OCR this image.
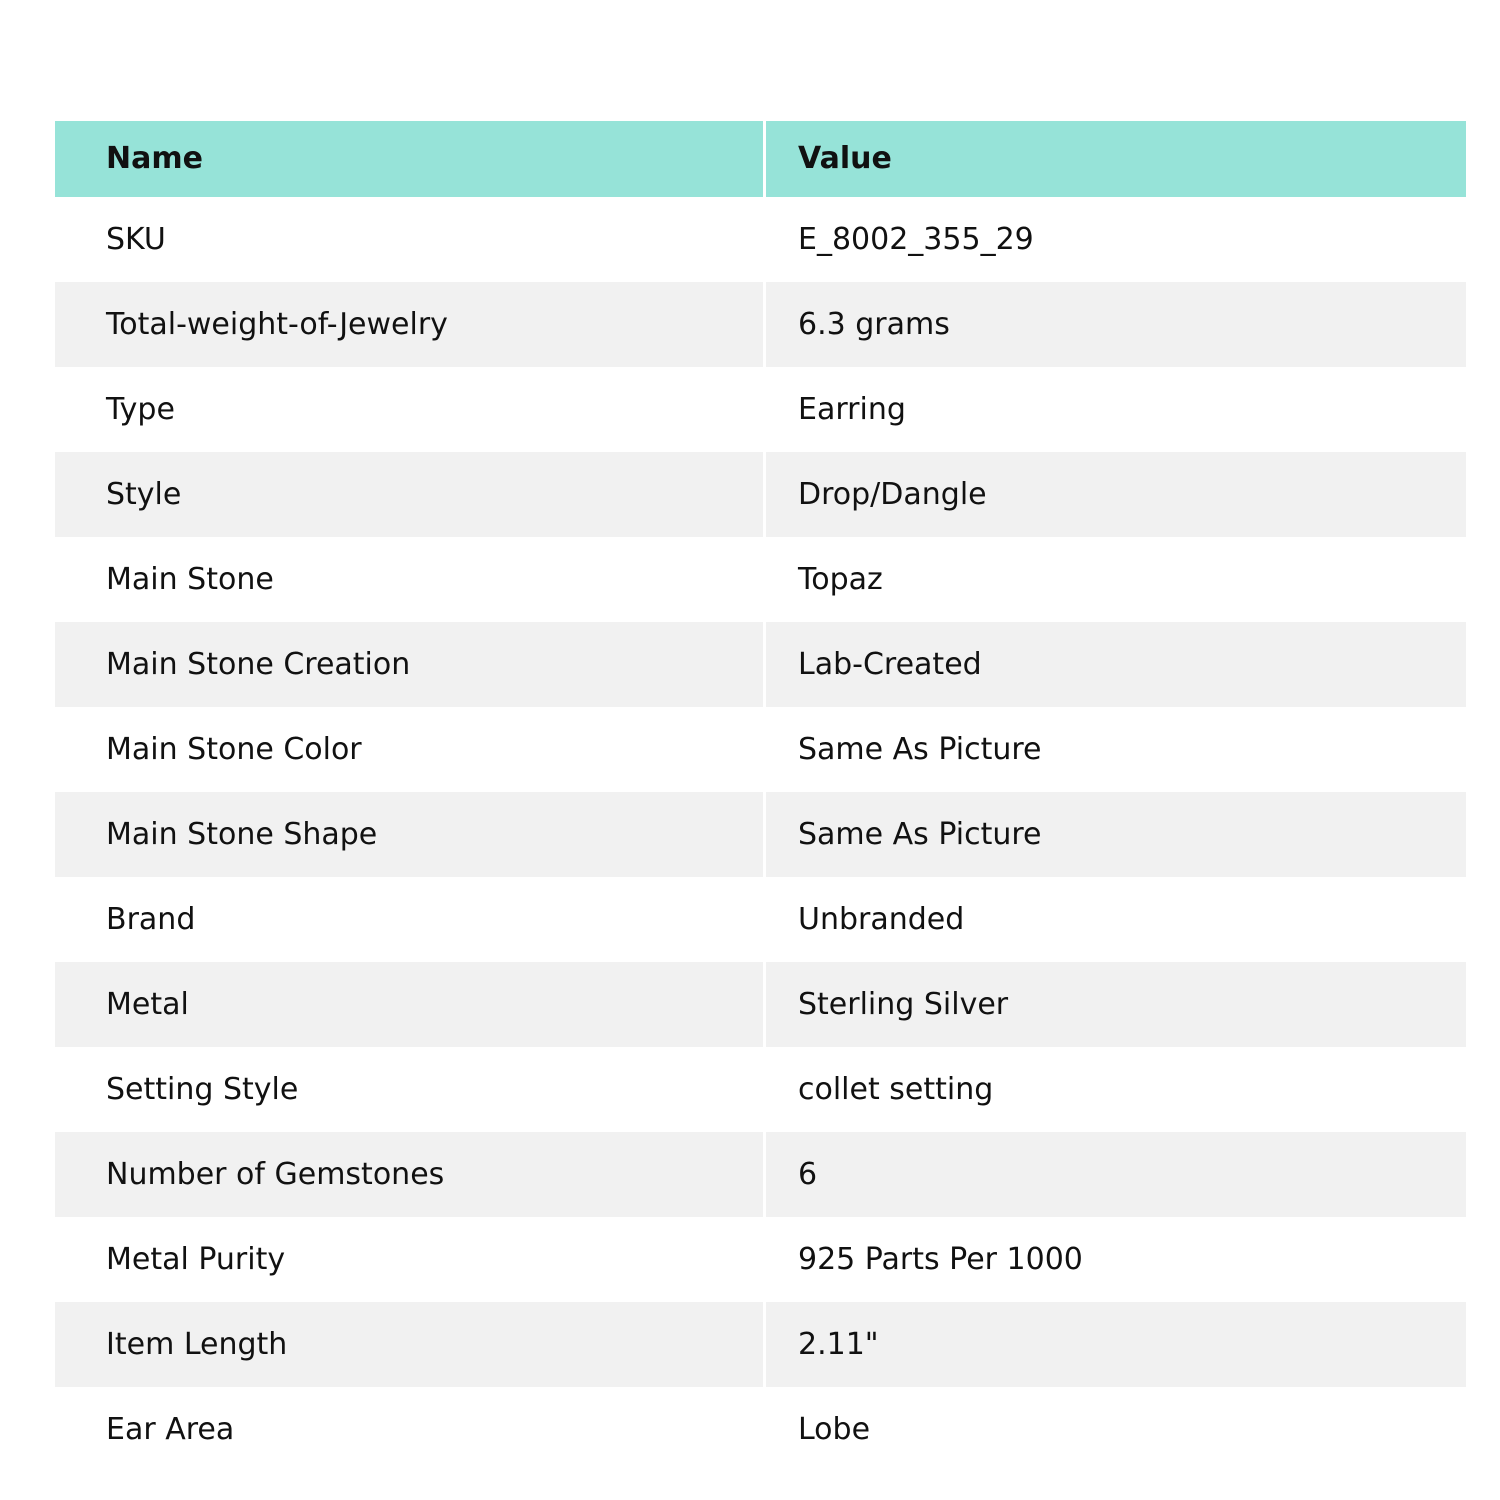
Name	Value
SKU	E_8002_355_29
Total-weight-of-Jewelry	6.3 grams
Type	Earring
Style	Drop/Dangle
Main Stone	Topaz
Main Stone Creation	Lab-Created
Main Stone Color	Same As Picture
Main Stone Shape	Same As Picture
Brand	Unbranded
Metal	Sterling Silver
Setting Style	collet setting
Number of Gemstones	6
Metal Purity	925 Parts Per 1000
Item Length	2.11"
Ear Area	Lobe
